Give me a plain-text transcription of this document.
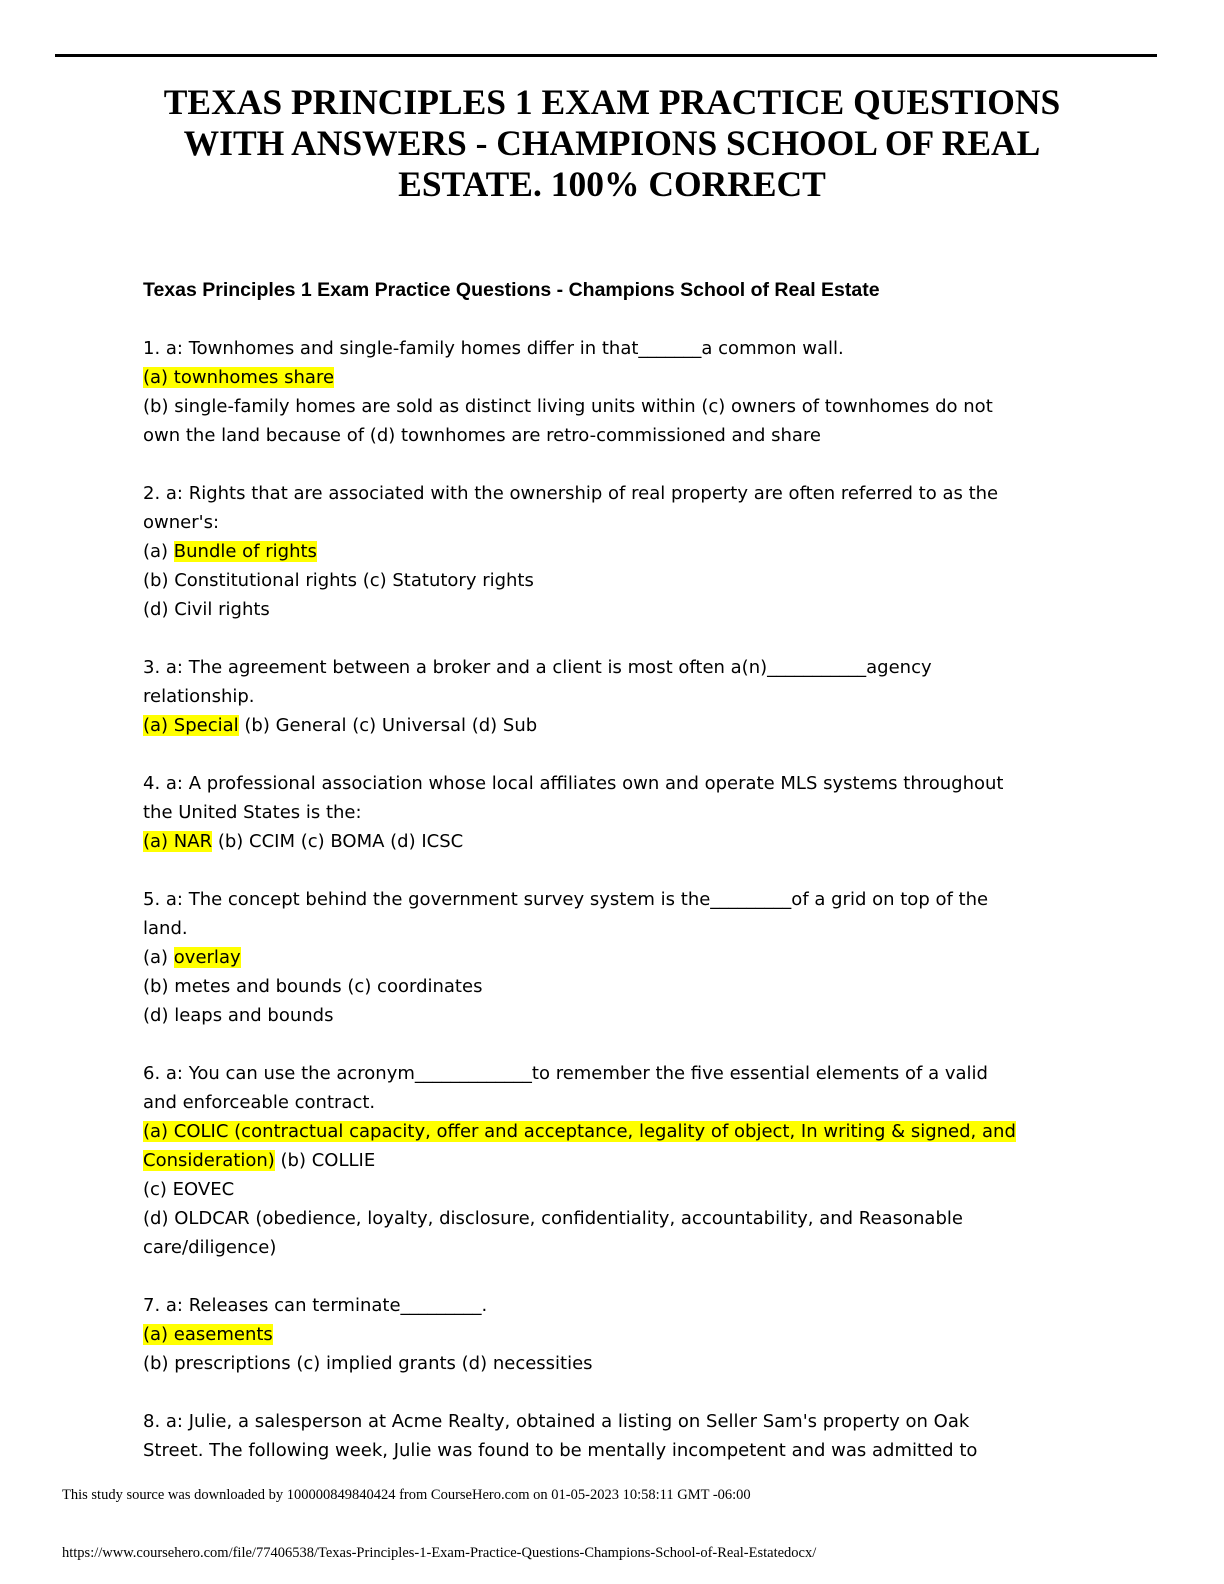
TEXAS PRINCIPLES 1 EXAM PRACTICE QUESTIONS
WITH ANSWERS - CHAMPIONS SCHOOL OF REAL
ESTATE. 100% CORRECT

Texas Principles 1 Exam Practice Questions - Champions School of Real Estate

1. a: Townhomes and single-family homes differ in that_______a common wall.
(a) townhomes share
(b) single-family homes are sold as distinct living units within (c) owners of townhomes do not
own the land because of (d) townhomes are retro-commissioned and share
2. a: Rights that are associated with the ownership of real property are often referred to as the
owner's:
(a) Bundle of rights
(b) Constitutional rights (c) Statutory rights
(d) Civil rights
3. a: The agreement between a broker and a client is most often a(n)___________agency
relationship.
(a) Special (b) General (c) Universal (d) Sub
4. a: A professional association whose local affiliates own and operate MLS systems throughout
the United States is the:
(a) NAR (b) CCIM (c) BOMA (d) ICSC
5. a: The concept behind the government survey system is the_________of a grid on top of the
land.
(a) overlay
(b) metes and bounds (c) coordinates
(d) leaps and bounds
6. a: You can use the acronym_____________to remember the five essential elements of a valid
and enforceable contract.
(a) COLIC (contractual capacity, offer and acceptance, legality of object, In writing & signed, and
Consideration) (b) COLLIE
(c) EOVEC
(d) OLDCAR (obedience, loyalty, disclosure, confidentiality, accountability, and Reasonable
care/diligence)
7. a: Releases can terminate_________.
(a) easements
(b) prescriptions (c) implied grants (d) necessities
8. a: Julie, a salesperson at Acme Realty, obtained a listing on Seller Sam's property on Oak
Street. The following week, Julie was found to be mentally incompetent and was admitted to
This study source was downloaded by 100000849840424 from CourseHero.com on 01-05-2023 10:58:11 GMT -06:00
https://www.coursehero.com/file/77406538/Texas-Principles-1-Exam-Practice-Questions-Champions-School-of-Real-Estatedocx/
